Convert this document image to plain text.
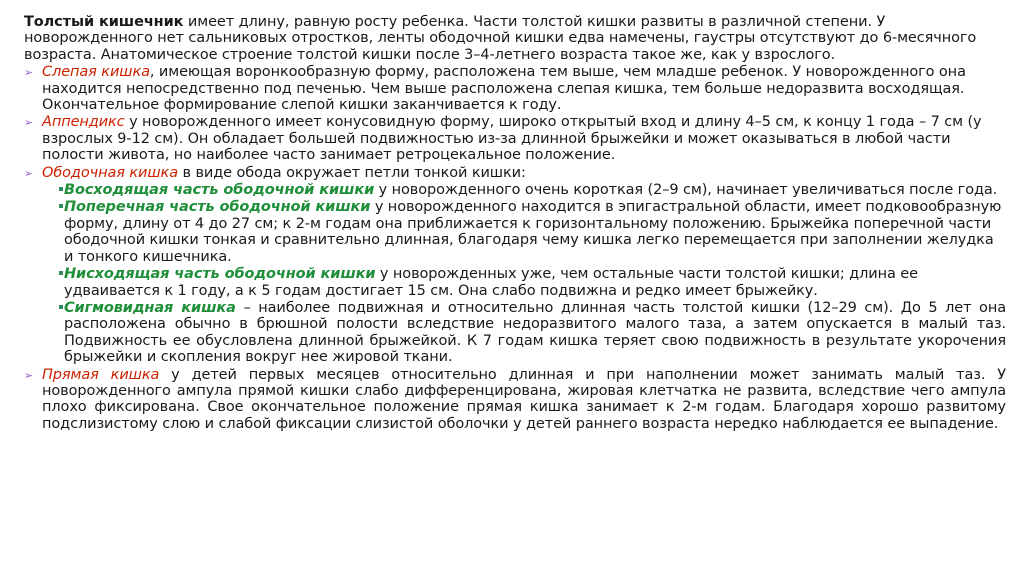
Толстый кишечник имеет длину, равную росту ребенка. Части толстой кишки развиты в различной степени. У новорожденного нет сальниковых отростков, ленты ободочной кишки едва намечены, гаустры отсутствуют до 6-месячного возраста. Анатомическое строение толстой кишки после 3–4-летнего возраста такое же, как у взрослого.

➢ Слепая кишка, имеющая воронкообразную форму, расположена тем выше, чем младше ребенок. У новорожденного она находится непосредственно под печенью. Чем выше расположена слепая кишка, тем больше недоразвита восходящая. Окончательное формирование слепой кишки заканчивается к году.

➢ Аппендикс у новорожденного имеет конусовидную форму, широко открытый вход и длину 4–5 см, к концу 1 года – 7 см (у взрослых 9-12 см). Он обладает большей подвижностью из-за длинной брыжейки и может оказываться в любой части полости живота, но наиболее часто занимает ретроцекальное положение.

➢ Ободочная кишка в виде обода окружает петли тонкой кишки:

Восходящая часть ободочной кишки у новорожденного очень короткая (2–9 см), начинает увеличиваться после года.

Поперечная часть ободочной кишки у новорожденного находится в эпигастральной области, имеет подковообразную форму, длину от 4 до 27 см; к 2-м годам она приближается к горизонтальному положению. Брыжейка поперечной части ободочной кишки тонкая и сравнительно длинная, благодаря чему кишка легко перемещается при заполнении желудка и тонкого кишечника.

Нисходящая часть ободочной кишки у новорожденных уже, чем остальные части толстой кишки; длина ее удваивается к 1 году, а к 5 годам достигает 15 см. Она слабо подвижна и редко имеет брыжейку.

Сигмовидная кишка – наиболее подвижная и относительно длинная часть толстой кишки (12–29 см). До 5 лет она расположена обычно в брюшной полости вследствие недоразвитого малого таза, а затем опускается в малый таз. Подвижность ее обусловлена длинной брыжейкой. К 7 годам кишка теряет свою подвижность в результате укорочения брыжейки и скопления вокруг нее жировой ткани.

➢ Прямая кишка у детей первых месяцев относительно длинная и при наполнении может занимать малый таз. У новорожденного ампула прямой кишки слабо дифференцирована, жировая клетчатка не развита, вследствие чего ампула плохо фиксирована. Свое окончательное положение прямая кишка занимает к 2-м годам. Благодаря хорошо развитому подслизистому слою и слабой фиксации слизистой оболочки у детей раннего возраста нередко наблюдается ее выпадение.
